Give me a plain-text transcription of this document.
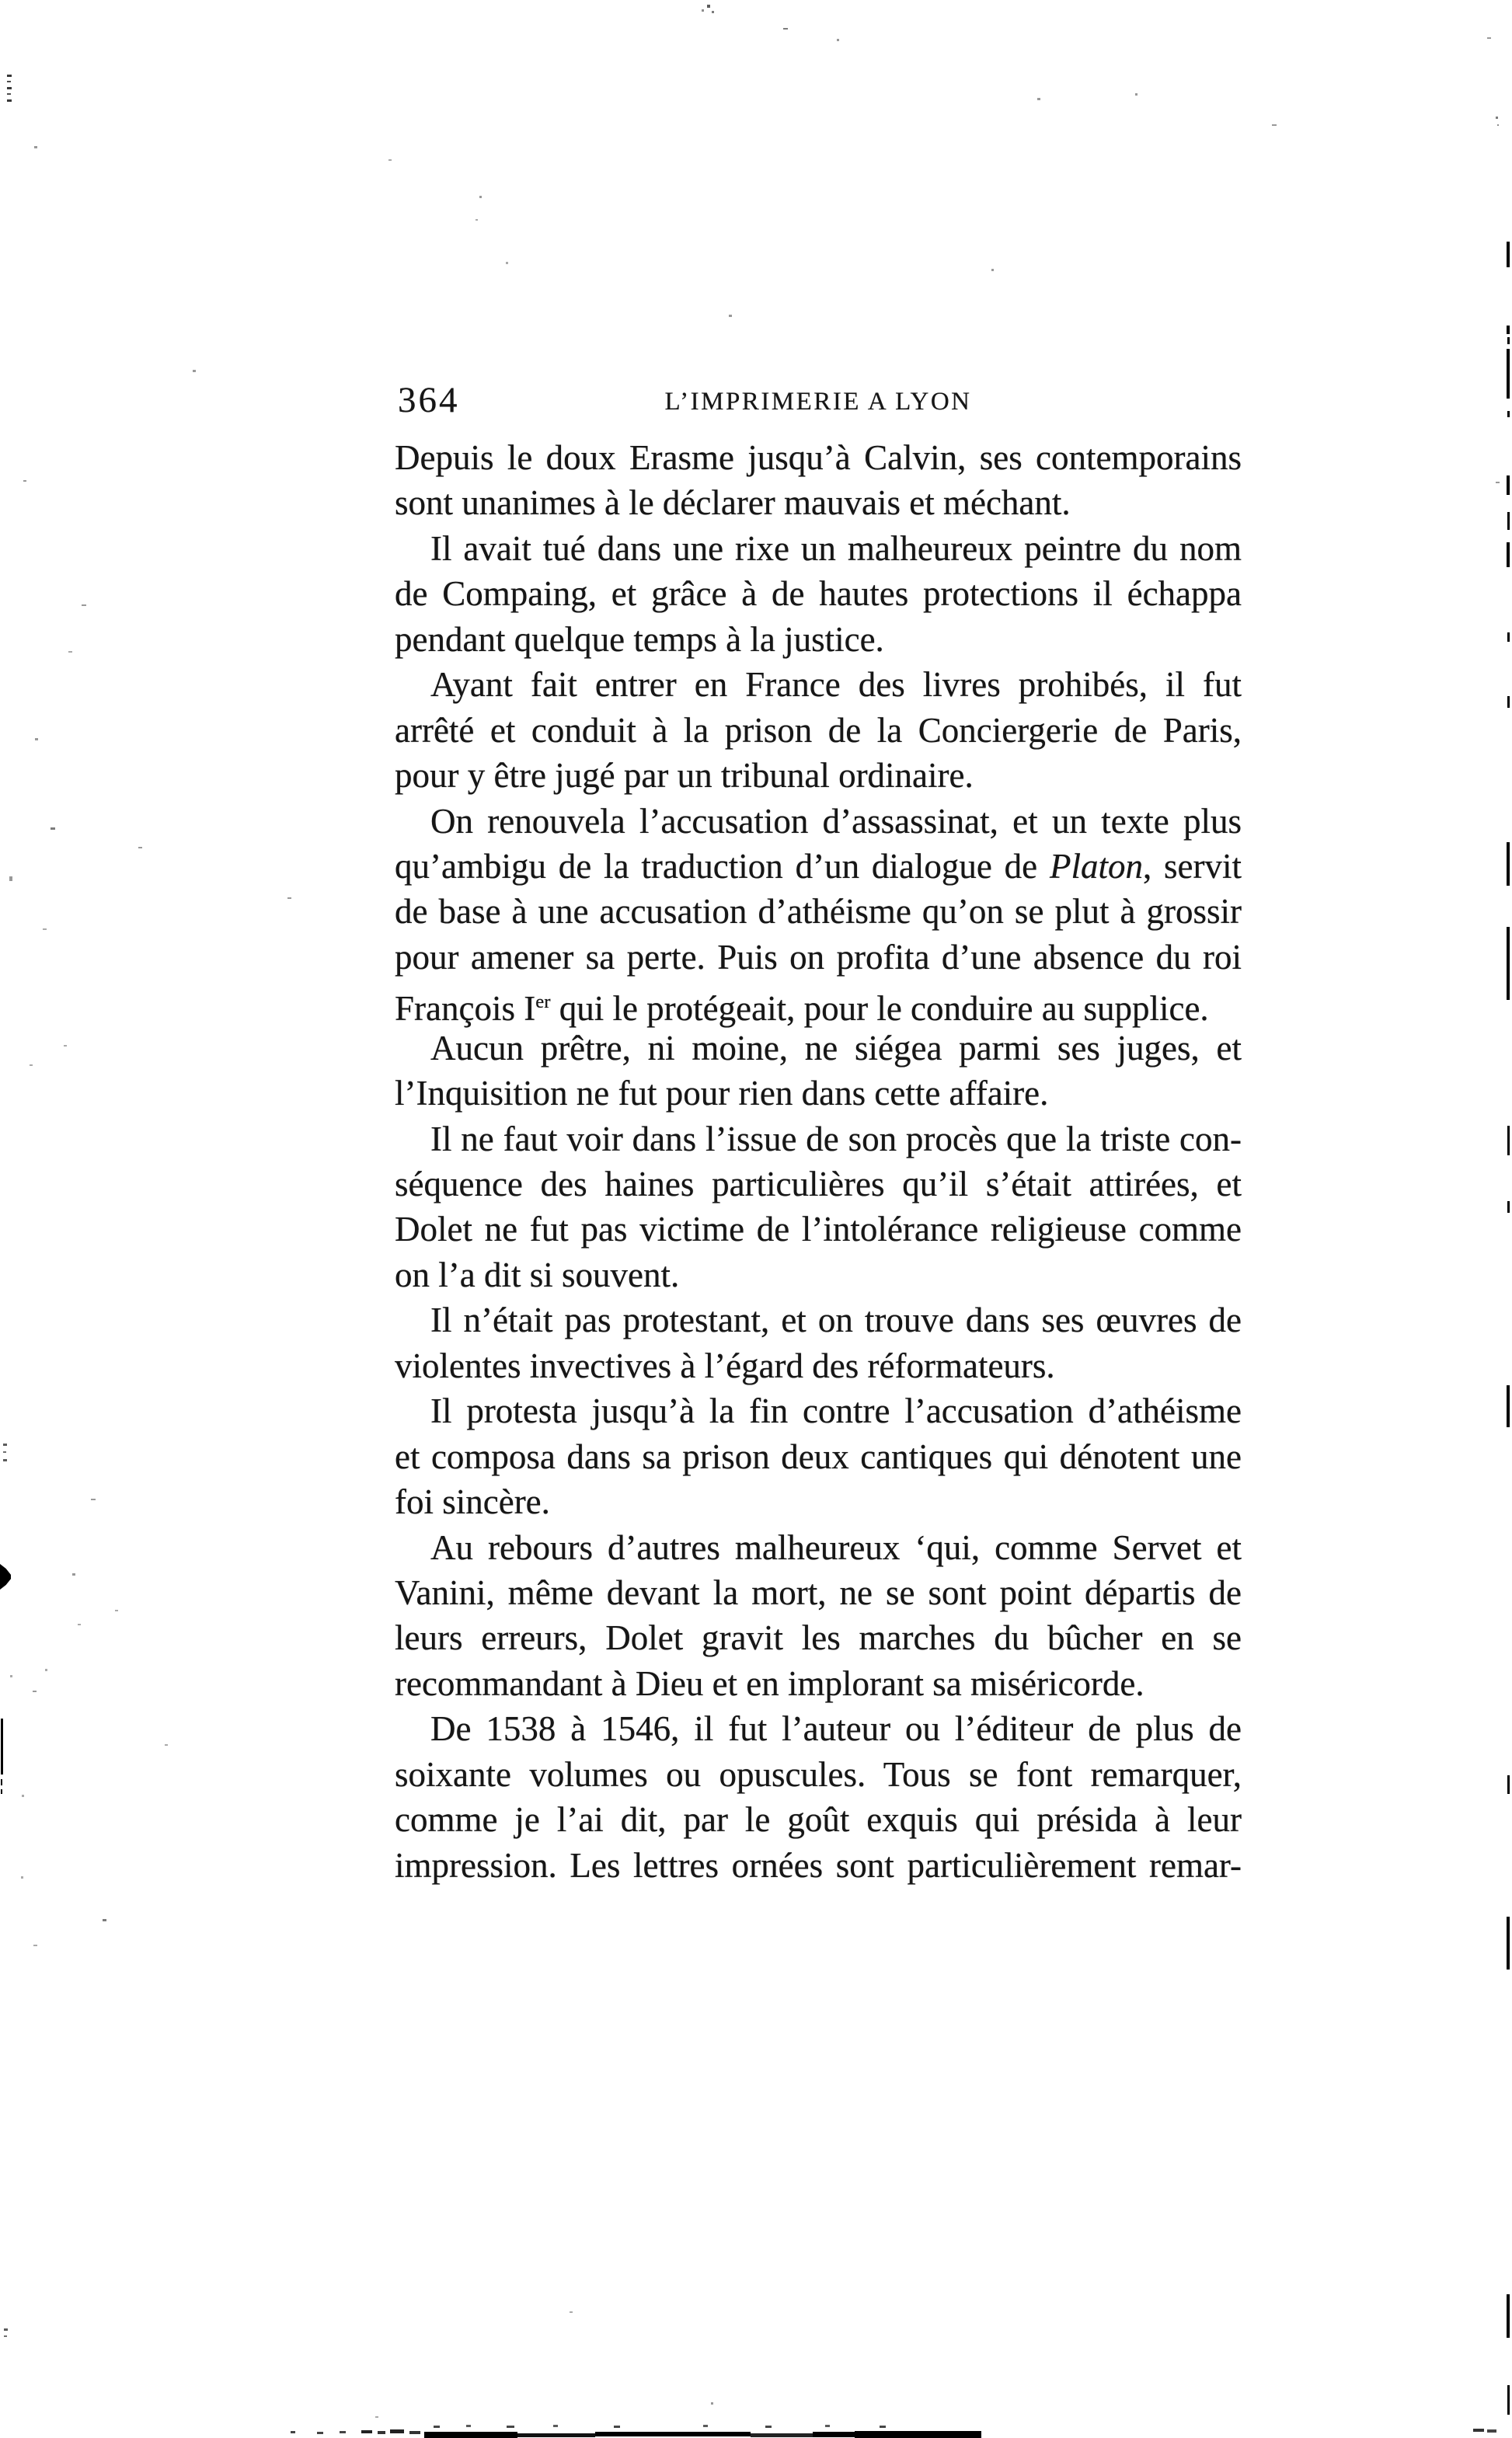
364	L’IMPRIMERIE A LYON
Depuis le doux Erasme jusqu’à Calvin, ses contemporains
sont unanimes à le déclarer mauvais et méchant.
Il avait tué dans une rixe un malheureux peintre du nom
de Compaing, et grâce à de hautes protections il échappa
pendant quelque temps à la justice.
Ayant fait entrer en France des livres prohibés, il fut
arrêté et conduit à la prison de la Conciergerie de Paris,
pour y être jugé par un tribunal ordinaire.
On renouvela l’accusation d’assassinat, et un texte plus
qu’ambigu de la traduction d’un dialogue de Platon, servit
de base à une accusation d’athéisme qu’on se plut à grossir
pour amener sa perte. Puis on profita d’une absence du roi
François Ier qui le protégeait, pour le conduire au supplice.
Aucun prêtre, ni moine, ne siégea parmi ses juges, et
l’Inquisition ne fut pour rien dans cette affaire.
Il ne faut voir dans l’issue de son procès que la triste con-
séquence des haines particulières qu’il s’était attirées, et
Dolet ne fut pas victime de l’intolérance religieuse comme
on l’a dit si souvent.
Il n’était pas protestant, et on trouve dans ses œuvres de
violentes invectives à l’égard des réformateurs.
Il protesta jusqu’à la fin contre l’accusation d’athéisme
et composa dans sa prison deux cantiques qui dénotent une
foi sincère.
Au rebours d’autres malheureux ‘qui, comme Servet et
Vanini, même devant la mort, ne se sont point départis de
leurs erreurs, Dolet gravit les marches du bûcher en se
recommandant à Dieu et en implorant sa miséricorde.
De 1538 à 1546, il fut l’auteur ou l’éditeur de plus de
soixante volumes ou opuscules. Tous se font remarquer,
comme je l’ai dit, par le goût exquis qui présida à leur
impression. Les lettres ornées sont particulièrement remar-
